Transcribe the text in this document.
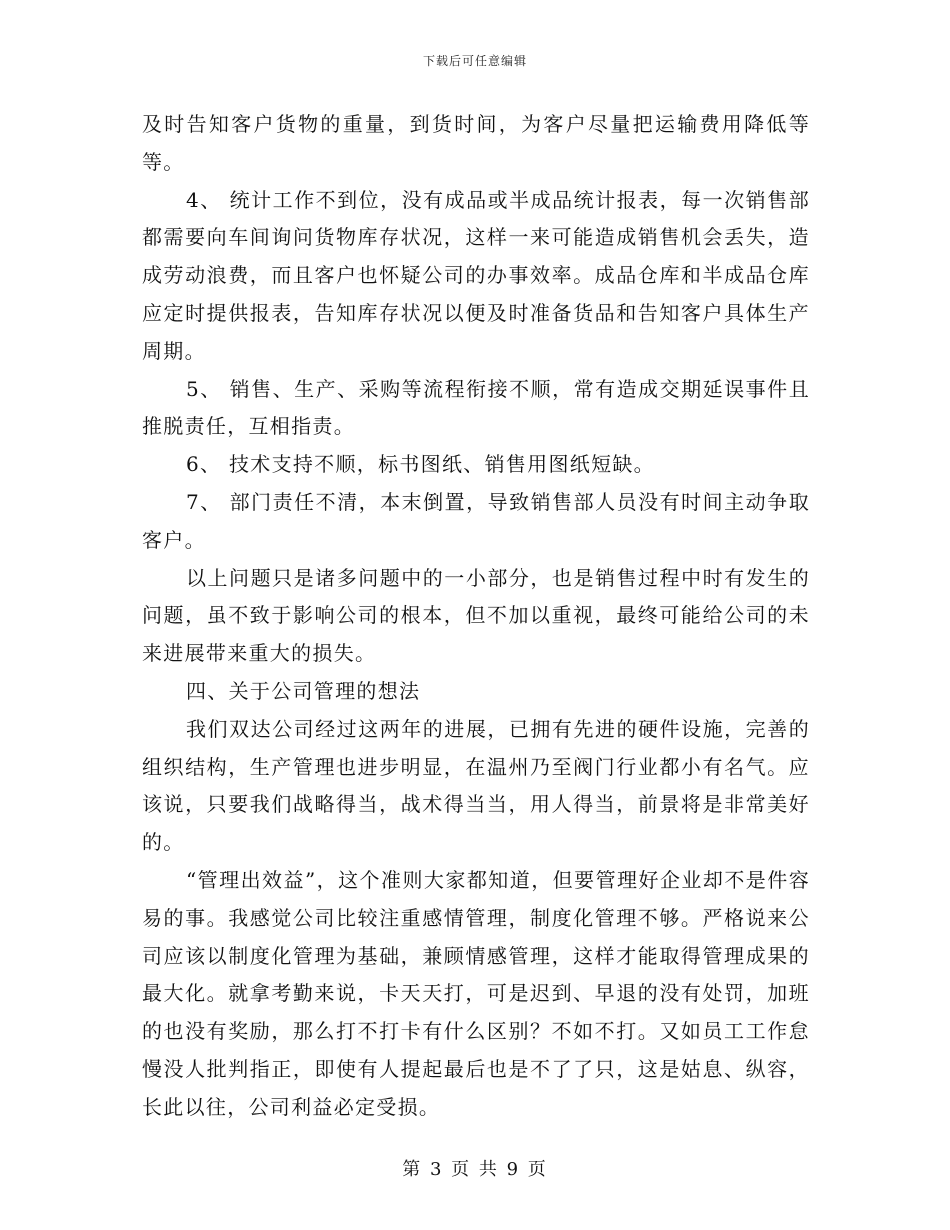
下载后可任意编辑

及时告知客户货物的重量，到货时间，为客户尽量把运输费用降低等等。

4、 统计工作不到位，没有成品或半成品统计报表，每一次销售部都需要向车间询问货物库存状况，这样一来可能造成销售机会丢失，造成劳动浪费，而且客户也怀疑公司的办事效率。成品仓库和半成品仓库应定时提供报表，告知库存状况以便及时准备货品和告知客户具体生产周期。

5、 销售、生产、采购等流程衔接不顺，常有造成交期延误事件且推脱责任，互相指责。

6、 技术支持不顺，标书图纸、销售用图纸短缺。

7、 部门责任不清，本末倒置，导致销售部人员没有时间主动争取客户。

以上问题只是诸多问题中的一小部分，也是销售过程中时有发生的问题，虽不致于影响公司的根本，但不加以重视，最终可能给公司的未来进展带来重大的损失。

四、关于公司管理的想法

我们双达公司经过这两年的进展，已拥有先进的硬件设施，完善的组织结构，生产管理也进步明显，在温州乃至阀门行业都小有名气。应该说，只要我们战略得当，战术得当当，用人得当，前景将是非常美好的。

“管理出效益”，这个准则大家都知道，但要管理好企业却不是件容易的事。我感觉公司比较注重感情管理，制度化管理不够。严格说来公司应该以制度化管理为基础，兼顾情感管理，这样才能取得管理成果的最大化。就拿考勤来说，卡天天打，可是迟到、早退的没有处罚，加班的也没有奖励，那么打不打卡有什么区别？不如不打。又如员工工作怠慢没人批判指正，即使有人提起最后也是不了了只，这是姑息、纵容，长此以往，公司利益必定受损。

第 3 页 共 9 页
